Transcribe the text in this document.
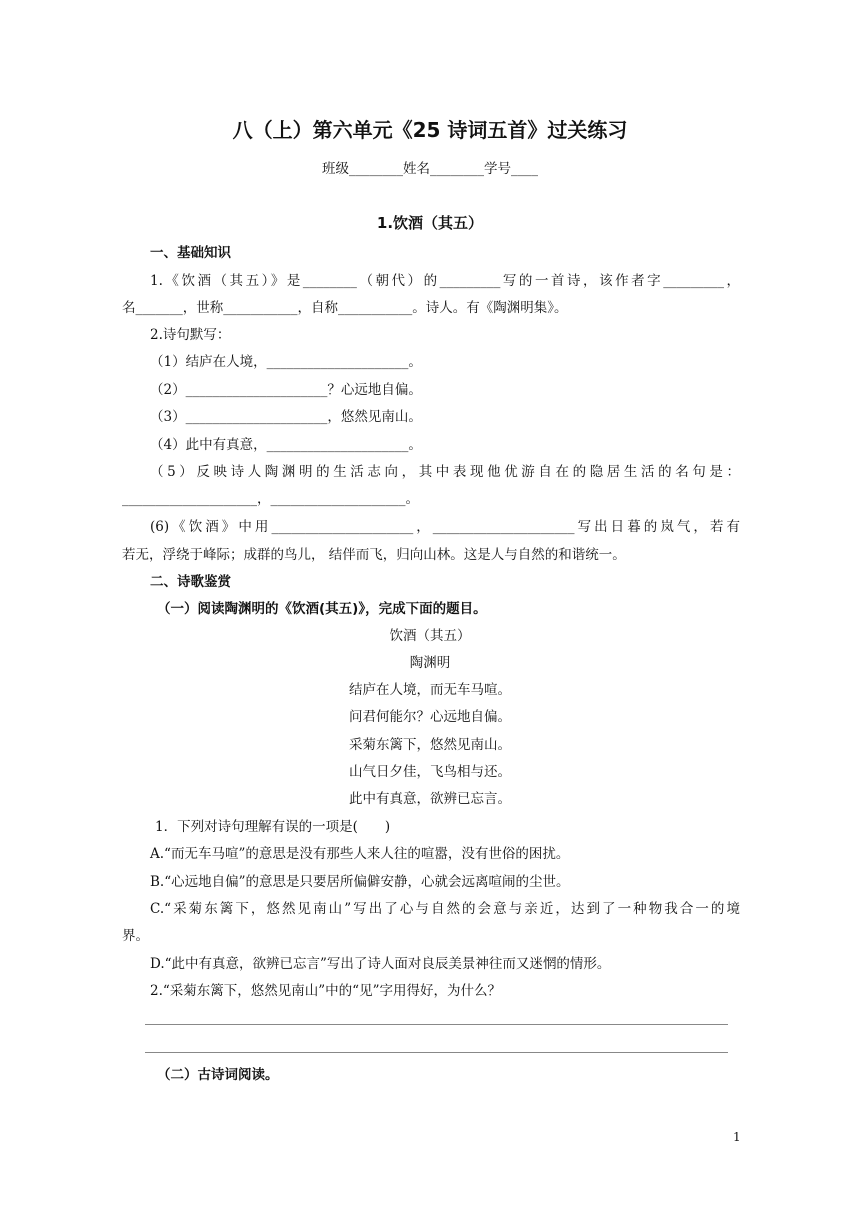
八（上）第六单元《25 诗词五首》过关练习
班级________姓名________学号____
1.饮酒（其五）
一、基础知识
1.《饮酒（其五）》是________（朝代）的_________写的一首诗，该作者字_________，
名_______，世称___________，自称___________。诗人。有《陶渊明集》。
2.诗句默写：
（1）结庐在人境，_____________________。
（2）_____________________？心远地自偏。
（3）_____________________，悠然见南山。
（4）此中有真意，_____________________。
（5）反映诗人陶渊明的生活志向，其中表现他优游自在的隐居生活的名句是：
____________________，____________________。
(6)《饮酒》中用_____________________，_____________________写出日暮的岚气，若有
若无，浮绕于峰际；成群的鸟儿， 结伴而飞，归向山林。这是人与自然的和谐统一。
二、诗歌鉴赏
（一）阅读陶渊明的《饮酒(其五)》，完成下面的题目。
饮酒（其五）
陶渊明
结庐在人境，而无车马喧。
问君何能尔？心远地自偏。
采菊东篱下，悠然见南山。
山气日夕佳，飞鸟相与还。
此中有真意，欲辨已忘言。
1．下列对诗句理解有误的一项是(　　)
A.“而无车马喧”的意思是没有那些人来人往的喧嚣，没有世俗的困扰。
B.“心远地自偏”的意思是只要居所偏僻安静，心就会远离喧闹的尘世。
C.“采菊东篱下，悠然见南山”写出了心与自然的会意与亲近，达到了一种物我合一的境
界。
D.“此中有真意，欲辨已忘言”写出了诗人面对良辰美景神往而又迷惘的情形。
2.“采菊东篱下，悠然见南山”中的“见”字用得好，为什么？
（二）古诗词阅读。
1
